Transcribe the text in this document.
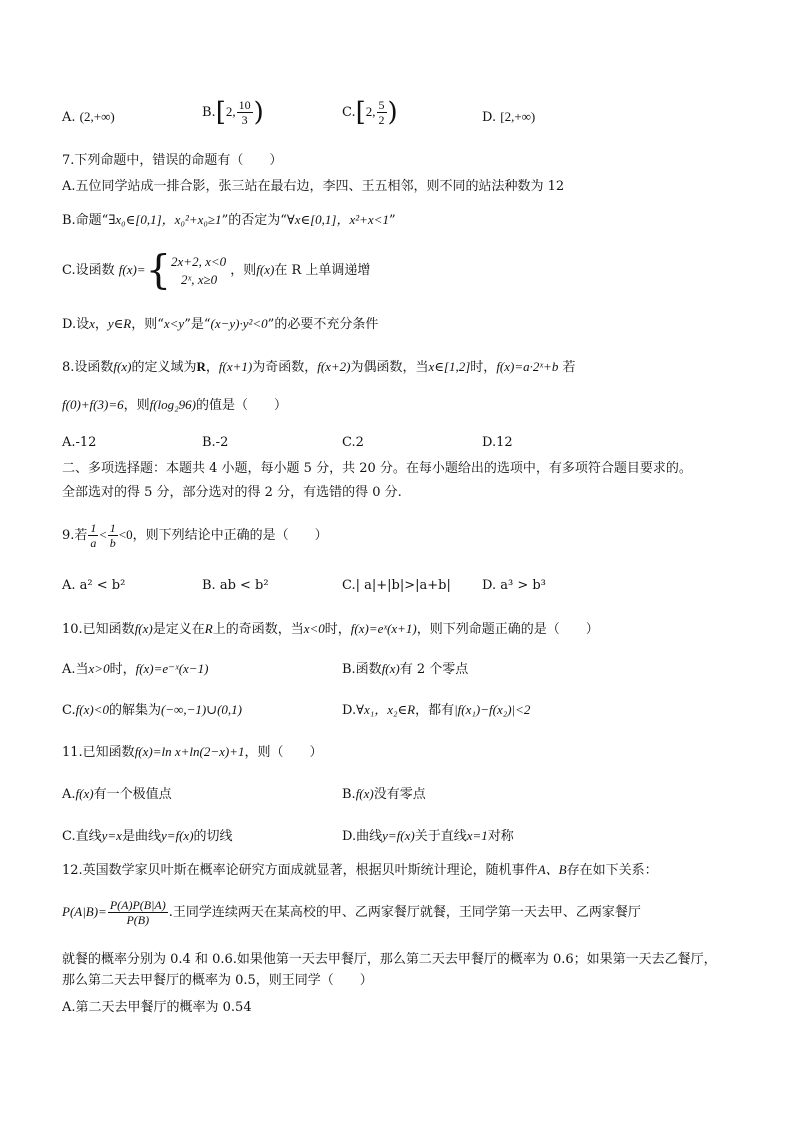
A. (2,+∞)	B.[2, $\frac{10}{3}$ )	C.[2, $\frac{5}{2}$ )	D. [2,+∞)
7.下列命题中，错误的命题有（　　）
A.五位同学站成一排合影，张三站在最右边，李四、王五相邻，则不同的站法种数为 12
B.命题“∃x₀∈[0,1]，x₀²+x₀≥1”的否定为“∀x∈[0,1]，x²+x<1”
C.设函数 f(x)={ 2x+2, x<0
2ˣ, x≥0
，则f(x)在 R 上单调递增
D.设x，y∈R，则“x<y”是“(x−y)·y²<0”的必要不充分条件
8.设函数f(x)的定义域为R，f(x+1)为奇函数，f(x+2)为偶函数，当x∈[1,2]时，f(x)=a·2ˣ+b 若
f(0)+f(3)=6，则f(log₂96)的值是（　　）
A.-12	B.-2	C.2	D.12
二、多项选择题：本题共 4 小题，每小题 5 分，共 20 分。在每小题给出的选项中，有多项符合题目要求的。
全部选对的得 5 分，部分选对的得 2 分，有选错的得 0 分.
9.若 $\frac{1}{a} < \frac{1}{b} <0$，则下列结论中正确的是（　　）
A. a² < b²	B. ab < b²	C.| a|+|b|>|a+b| D. a³ > b³
10.已知函数f(x)是定义在R上的奇函数，当x<0时，f(x)=eˣ(x+1)，则下列命题正确的是（　　）
A.当x>0时，f(x)=e⁻ˣ(x−1)	B.函数f(x)有 2 个零点
C.f(x)<0的解集为(−∞,−1)∪(0,1)	D.∀x₁，x₂∈R，都有|f(x₁)−f(x₂)|<2
11.已知函数f(x)=ln x+ln(2−x)+1，则（　　）
A.f(x)有一个极值点	B.f(x)没有零点
C.直线y=x是曲线y=f(x)的切线	D.曲线y=f(x)关于直线x=1对称
12.英国数学家贝叶斯在概率论研究方面成就显著，根据贝叶斯统计理论，随机事件A、B存在如下关系：
$P(A|B)= \frac{P(A)P(B|A)}{P(B)}$ .王同学连续两天在某高校的甲、乙两家餐厅就餐，王同学第一天去甲、乙两家餐厅
就餐的概率分别为 0.4 和 0.6.如果他第一天去甲餐厅，那么第二天去甲餐厅的概率为 0.6；如果第一天去乙餐厅，
那么第二天去甲餐厅的概率为 0.5，则王同学（　　）
A.第二天去甲餐厅的概率为 0.54
